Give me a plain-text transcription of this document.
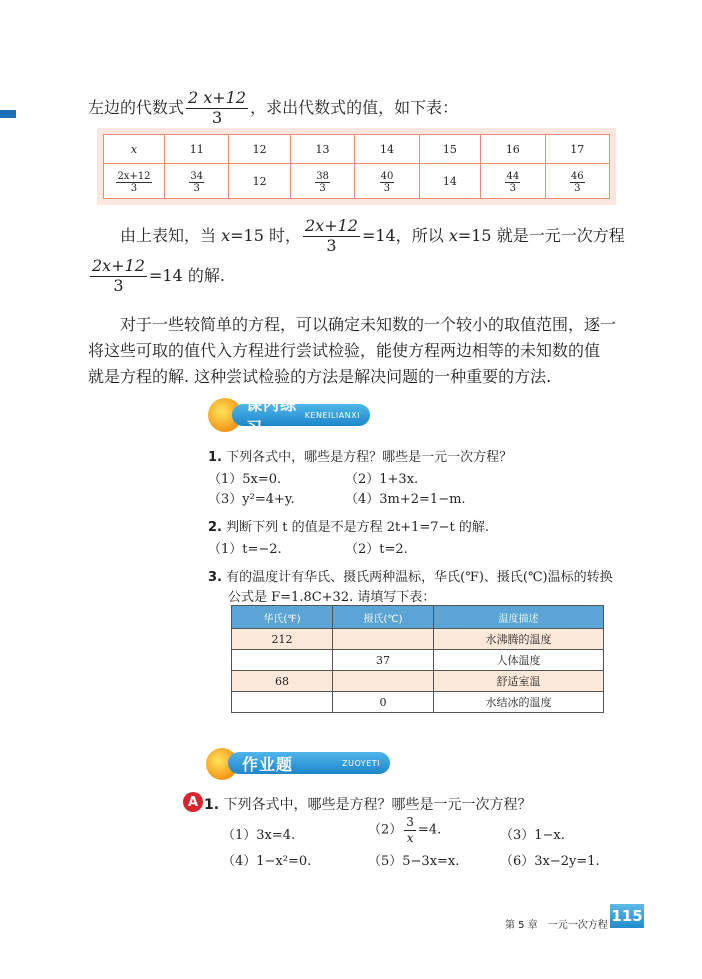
左边的代数式 $\frac{2 x+12}{3}$ ，求出代数式的值，如下表：
x	11	12	13	14	15	16	17

$\frac{2x+12}{3}$	$\frac{34}{3}$	12	$\frac{38}{3}$	$\frac{40}{3}$	14	$\frac{44}{3}$	$\frac{46}{3}$
由上表知，当 x=15 时， $\frac{2x+12}{3} =14$，所以 x=15 就是一元一次方程
$\frac{2x+12}{3} =14$ 的解.
对于一些较简单的方程，可以确定未知数的一个较小的取值范围，逐一
将这些可取的值代入方程进行尝试检验，能使方程两边相等的未知数的值
就是方程的解. 这种尝试检验的方法是解决问题的一种重要的方法.
课内练习
KENEILIANXI
1. 下列各式中，哪些是方程？哪些是一元一次方程？
（1）5x=0.	（2）1+3x.
（3）y²=4+y.	（4）3m+2=1−m.
2. 判断下列 t 的值是不是方程 2t+1=7−t 的解.
（1）t=−2.	（2）t=2.
3. 有的温度计有华氏、摄氏两种温标，华氏(℉)、摄氏(℃)温标的转换
公式是 F=1.8C+32. 请填写下表：
华氏(℉)	摄氏(℃)	温度描述
212		水沸腾的温度
	37	人体温度
68		舒适室温
	0	水结冰的温度
作业题	ZUOYETI
A 1. 下列各式中，哪些是方程？哪些是一元一次方程？
（1）3x=4.	$(2) \frac{3}{x} =4$.	（3）1−x.
（4）1−x²=0.	（5）5−3x=x.	（6）3x−2y=1.
第 5 章　一元一次方程
115
